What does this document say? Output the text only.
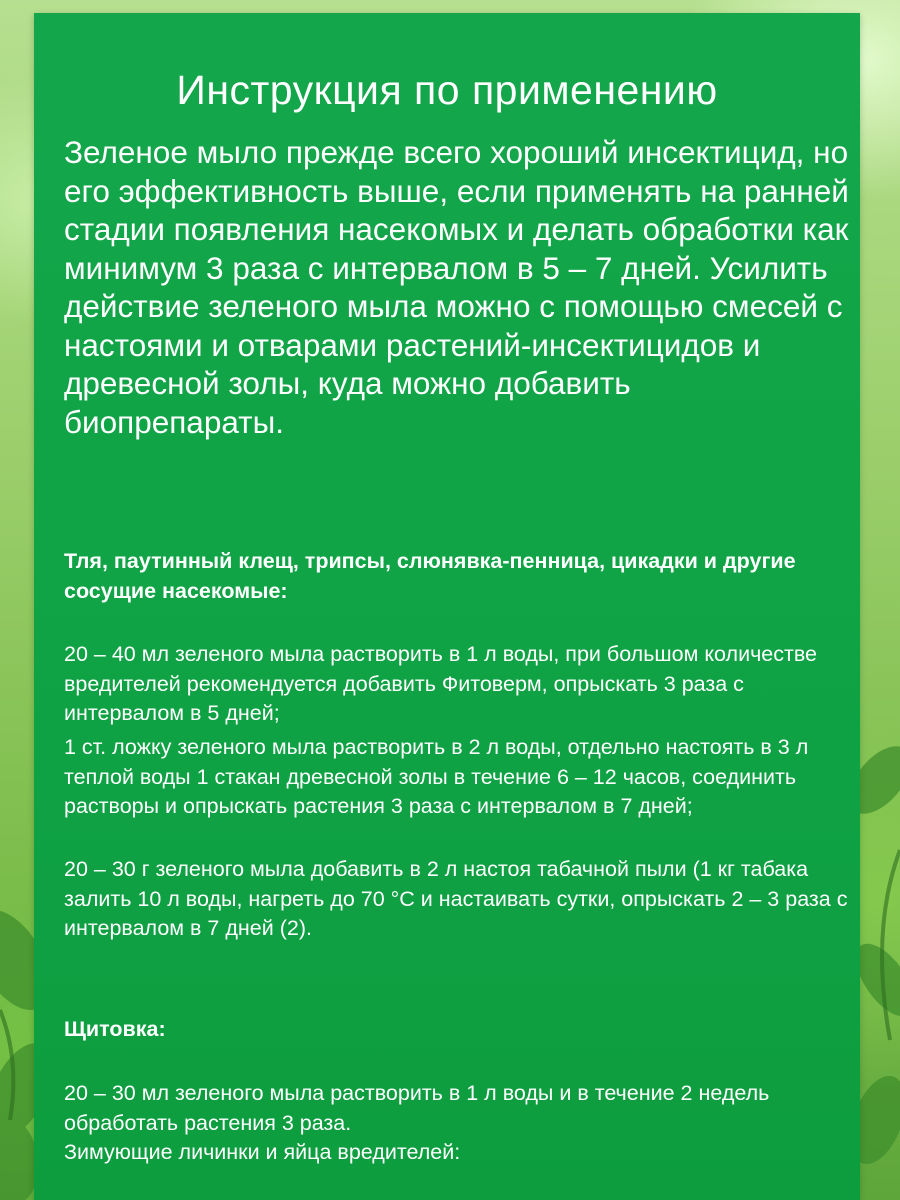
Инструкция по применению

Зеленое мыло прежде всего хороший инсектицид, но его эффективность выше, если применять на ранней стадии появления насекомых и делать обработки как минимум 3 раза с интервалом в 5 – 7 дней. Усилить действие зеленого мыла можно с помощью смесей с настоями и отварами растений-инсектицидов и древесной золы, куда можно добавить биопрепараты.

Тля, паутинный клещ, трипсы, слюнявка-пенница, цикадки и другие сосущие насекомые:

20 – 40 мл зеленого мыла растворить в 1 л воды, при большом количестве вредителей рекомендуется добавить Фитоверм, опрыскать 3 раза с интервалом в 5 дней;

1 ст. ложку зеленого мыла растворить в 2 л воды, отдельно настоять в 3 л теплой воды 1 стакан древесной золы в течение 6 – 12 часов, соединить растворы и опрыскать растения 3 раза с интервалом в 7 дней;

20 – 30 г зеленого мыла добавить в 2 л настоя табачной пыли (1 кг табака залить 10 л воды, нагреть до 70 °С и настаивать сутки, опрыскать 2 – 3 раза с интервалом в 7 дней (2).

Щитовка:

20 – 30 мл зеленого мыла растворить в 1 л воды и в течение 2 недель обработать растения 3 раза.

Зимующие личинки и яйца вредителей:
